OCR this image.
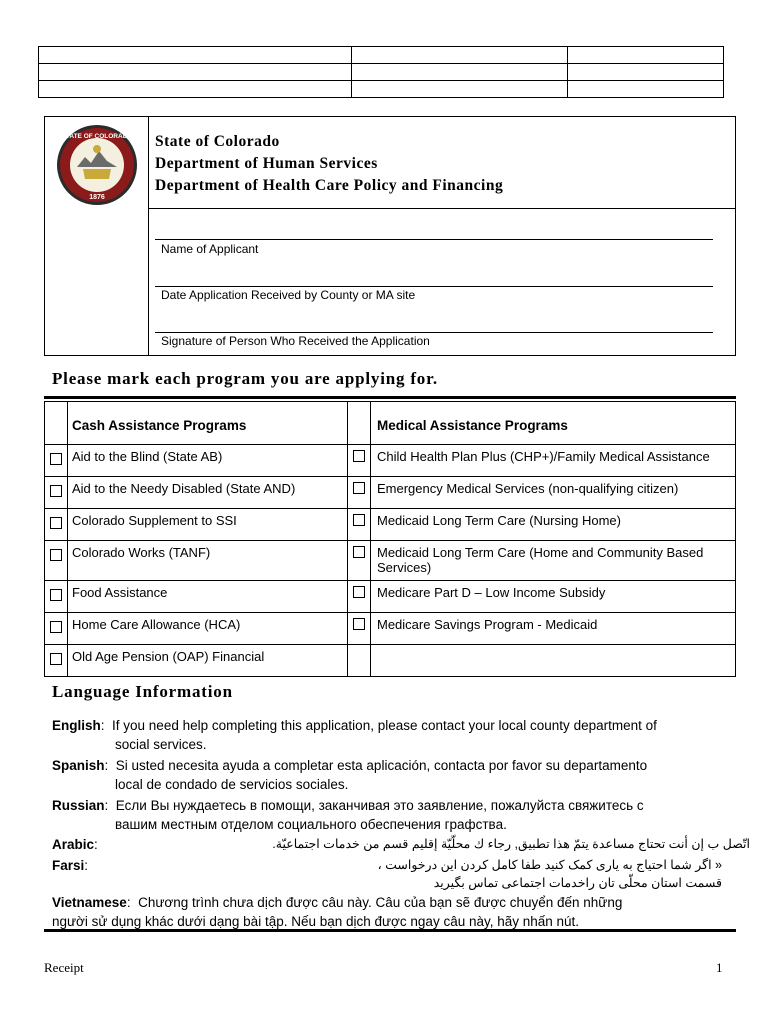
STATE OF COLORADO
1876
State of Colorado
Department of Human Services
Department of Health Care Policy and Financing
Name of Applicant
Date Application Received by County or MA site
Signature of Person Who Received the Application
Please mark each program you are applying for.
	Cash Assistance Programs		Medical Assistance Programs
	Aid to the Blind (State AB)		Child Health Plan Plus (CHP+)/Family Medical Assistance
	Aid to the Needy Disabled (State AND)		Emergency Medical Services (non-qualifying citizen)
	Colorado Supplement to SSI		Medicaid Long Term Care (Nursing Home)
	Colorado Works (TANF)		Medicaid Long Term Care (Home and Community Based Services)
	Food Assistance		Medicare Part D – Low Income Subsidy
	Home Care Allowance (HCA)		Medicare Savings Program - Medicaid
	Old Age Pension (OAP) Financial		
Language Information
English:  If you need help completing this application, please contact your local county department of
social services.
Spanish:  Si usted necesita ayuda a completar esta aplicación, contacta por favor su departamento
local de condado de servicios sociales.
Russian:  Если Вы нуждаетесь в помощи, заканчивая это заявление, пожалуйста свяжитесь с
вашим местным отделом социального обеспечения графства.
Arabic:	اتّصل ب إن أنت تحتاج مساعدة يتمّ هذا تطبيق, رجاء ك محلّيّة إقليم قسم من خدمات اجتماعيّة.
Farsi:	« اگر شما احتیاج به یاری کمک کنید طفا کامل کردن این درخواست ،
قسمت استان محلّی تان راخدمات اجتماعی تماس بگیرید
Vietnamese:  Chương trình chưa dịch được câu này. Câu của bạn sẽ được chuyển đến những
người sử dụng khác dưới dạng bài tập. Nếu bạn dịch được ngay câu này, hãy nhấn nút.
Receipt	1
